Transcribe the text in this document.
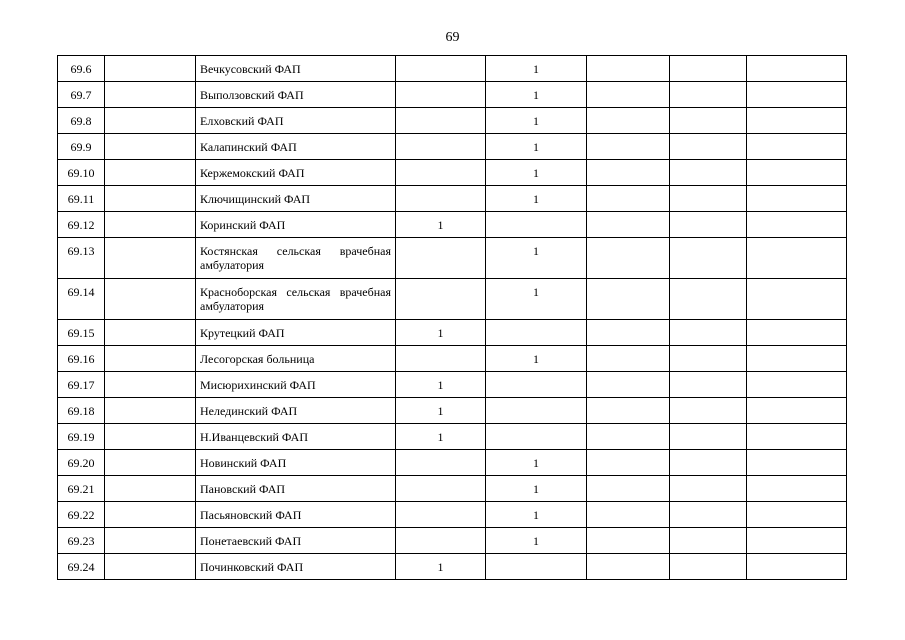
69
69.6		Вечкусовский ФАП		1			
69.7		Выползовский ФАП		1			
69.8		Елховский ФАП		1			
69.9		Калапинский ФАП		1			
69.10		Кержемокский ФАП		1			
69.11		Ключищинский ФАП		1			
69.12		Коринский ФАП	1				
69.13		Костянская сельская врачебная амбулатория		1			
69.14		Красноборская сельская врачебная амбулатория		1			
69.15		Крутецкий ФАП	1				
69.16		Лесогорская больница		1			
69.17		Мисюрихинский ФАП	1				
69.18		Нелединский ФАП	1				
69.19		Н.Иванцевский ФАП	1				
69.20		Новинский ФАП		1			
69.21		Пановский ФАП		1			
69.22		Пасьяновский ФАП		1			
69.23		Понетаевский ФАП		1			
69.24		Починковский ФАП	1				
